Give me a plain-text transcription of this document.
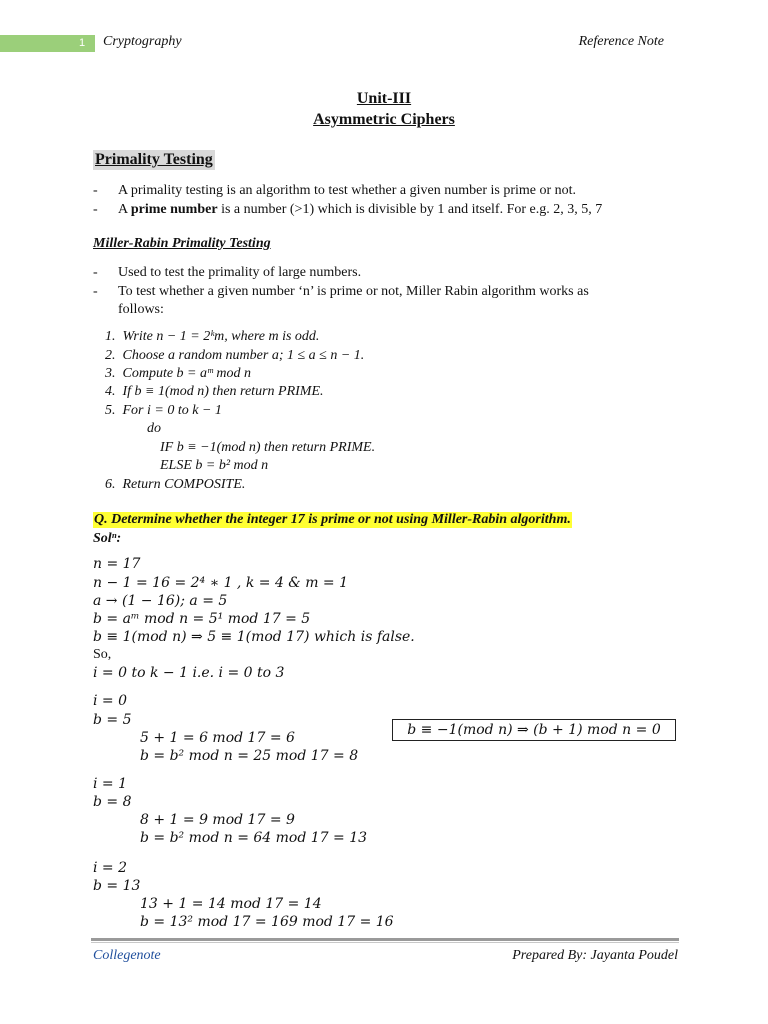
1	Cryptography	Reference Note
Unit-III
Asymmetric Ciphers
Primality Testing
- A primality testing is an algorithm to test whether a given number is prime or not.
- A prime number is a number (>1) which is divisible by 1 and itself. For e.g. 2, 3, 5, 7
Miller-Rabin Primality Testing
- Used to test the primality of large numbers.
- To test whether a given number ‘n’ is prime or not, Miller Rabin algorithm works as
follows:
1. Write n − 1 = 2ᵏm, where m is odd.
2. Choose a random number a; 1 ≤ a ≤ n − 1.
3. Compute b = aᵐ mod n
4. If b ≡ 1(mod n) then return PRIME.
5. For i = 0 to k − 1
do
IF b ≡ −1(mod n) then return PRIME.
ELSE b = b² mod n
6. Return COMPOSITE.
Q. Determine whether the integer 17 is prime or not using Miller-Rabin algorithm.
Solⁿ:
n = 17
n − 1 = 16 = 2⁴ ∗ 1 , k = 4 & m = 1
a → (1 − 16); a = 5
b = aᵐ mod n = 5¹ mod 17 = 5
b ≡ 1(mod n) ⇒ 5 ≡ 1(mod 17) which is false.
So,
i = 0 to k − 1 i.e. i = 0 to 3
i = 0
b = 5
5 + 1 = 6 mod 17 = 6
b = b² mod n = 25 mod 17 = 8
b ≡ −1(mod n) ⇒ (b + 1) mod n = 0
i = 1
b = 8
8 + 1 = 9 mod 17 = 9
b = b² mod n = 64 mod 17 = 13
i = 2
b = 13
13 + 1 = 14 mod 17 = 14
b = 13² mod 17 = 169 mod 17 = 16
Collegenote	Prepared By: Jayanta Poudel
